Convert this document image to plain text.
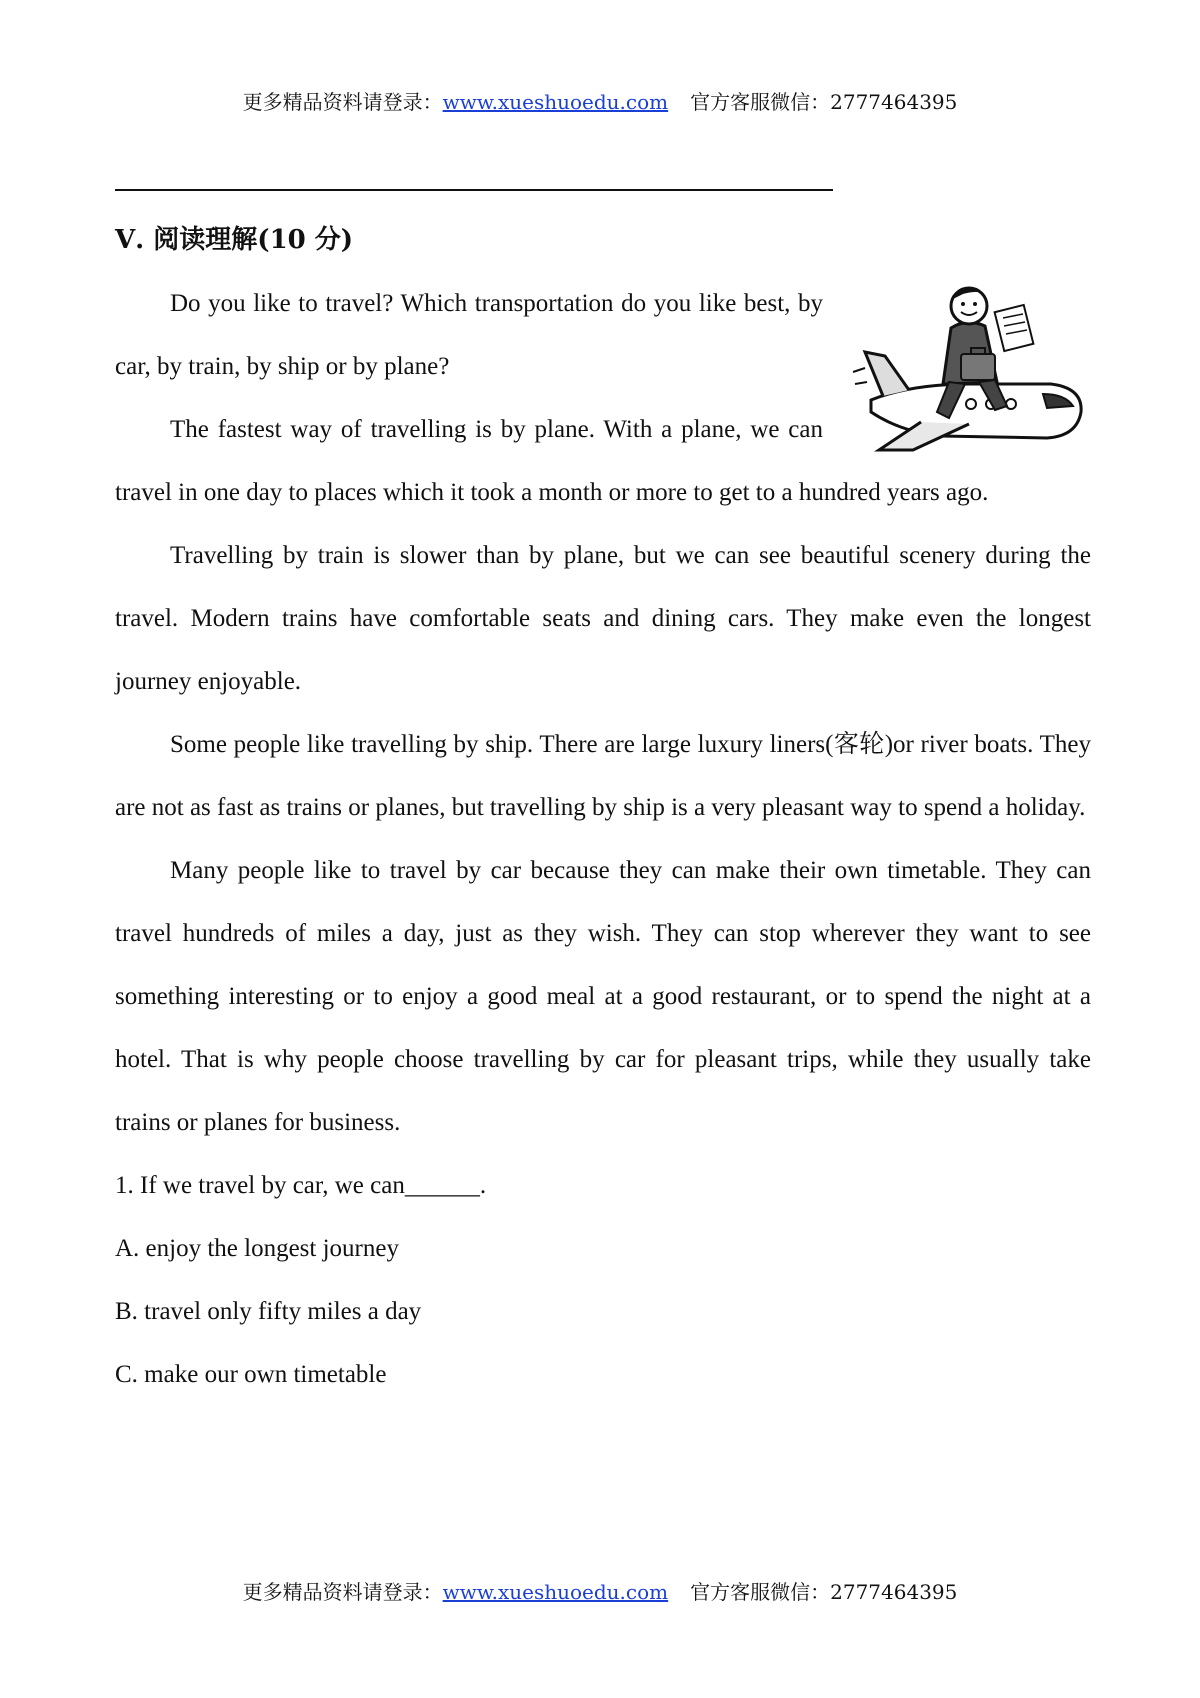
更多精品资料请登录：www.xueshuoedu.com 官方客服微信：2777464395
Ⅴ. 阅读理解(10 分)

Do you like to travel? Which transportation do you like best, by car, by train, by ship or by plane?

The fastest way of travelling is by plane. With a plane, we can travel in one day to places which it took a month or more to get to a hundred years ago.

Travelling by train is slower than by plane, but we can see beautiful scenery during the travel. Modern trains have comfortable seats and dining cars. They make even the longest journey enjoyable.

Some people like travelling by ship. There are large luxury liners(客轮)or river boats. They are not as fast as trains or planes, but travelling by ship is a very pleasant way to spend a holiday.

Many people like to travel by car because they can make their own timetable. They can travel hundreds of miles a day, just as they wish. They can stop wherever they want to see something interesting or to enjoy a good meal at a good restaurant, or to spend the night at a hotel. That is why people choose travelling by car for pleasant trips, while they usually take trains or planes for business.

1. If we travel by car, we can______.

A. enjoy the longest journey

B. travel only fifty miles a day

C. make our own timetable

更多精品资料请登录：www.xueshuoedu.com 官方客服微信：2777464395
